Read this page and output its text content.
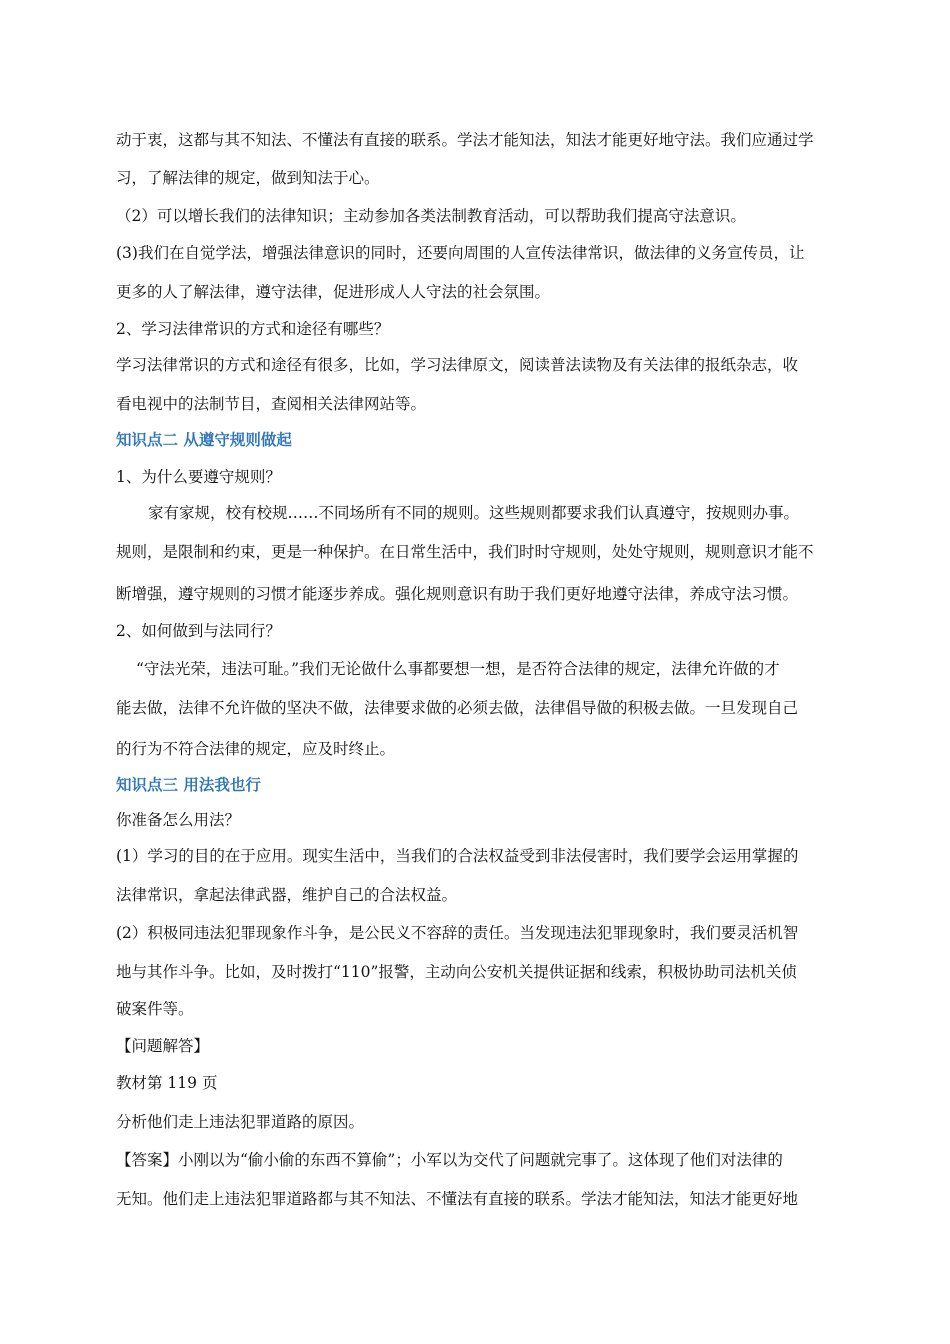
动于衷，这都与其不知法、不懂法有直接的联系。学法才能知法，知法才能更好地守法。我们应通过学
习，了解法律的规定，做到知法于心。
（2）可以增长我们的法律知识；主动参加各类法制教育活动，可以帮助我们提高守法意识。
(3)我们在自觉学法，增强法律意识的同时，还要向周围的人宣传法律常识，做法律的义务宣传员，让
更多的人了解法律，遵守法律，促进形成人人守法的社会氛围。
2、学习法律常识的方式和途径有哪些？
学习法律常识的方式和途径有很多，比如，学习法律原文，阅读普法读物及有关法律的报纸杂志，收
看电视中的法制节目，查阅相关法律网站等。
知识点二 从遵守规则做起
1、为什么要遵守规则？
家有家规，校有校规……不同场所有不同的规则。这些规则都要求我们认真遵守，按规则办事。
规则，是限制和约束，更是一种保护。在日常生活中，我们时时守规则，处处守规则，规则意识才能不
断增强，遵守规则的习惯才能逐步养成。强化规则意识有助于我们更好地遵守法律，养成守法习惯。
2、如何做到与法同行？
“守法光荣，违法可耻。”我们无论做什么事都要想一想，是否符合法律的规定，法律允许做的才
能去做，法律不允许做的坚决不做，法律要求做的必须去做，法律倡导做的积极去做。一旦发现自己
的行为不符合法律的规定，应及时终止。
知识点三 用法我也行
你准备怎么用法？
(1）学习的目的在于应用。现实生活中，当我们的合法权益受到非法侵害时，我们要学会运用掌握的
法律常识，拿起法律武器，维护自己的合法权益。
(2）积极同违法犯罪现象作斗争，是公民义不容辞的责任。当发现违法犯罪现象时，我们要灵活机智
地与其作斗争。比如，及时拨打“110”报警，主动向公安机关提供证据和线索，积极协助司法机关侦
破案件等。
【问题解答】
教材第 119 页
分析他们走上违法犯罪道路的原因。
【答案】小刚以为“偷小偷的东西不算偷”；小军以为交代了问题就完事了。这体现了他们对法律的
无知。他们走上违法犯罪道路都与其不知法、不懂法有直接的联系。学法才能知法，知法才能更好地
